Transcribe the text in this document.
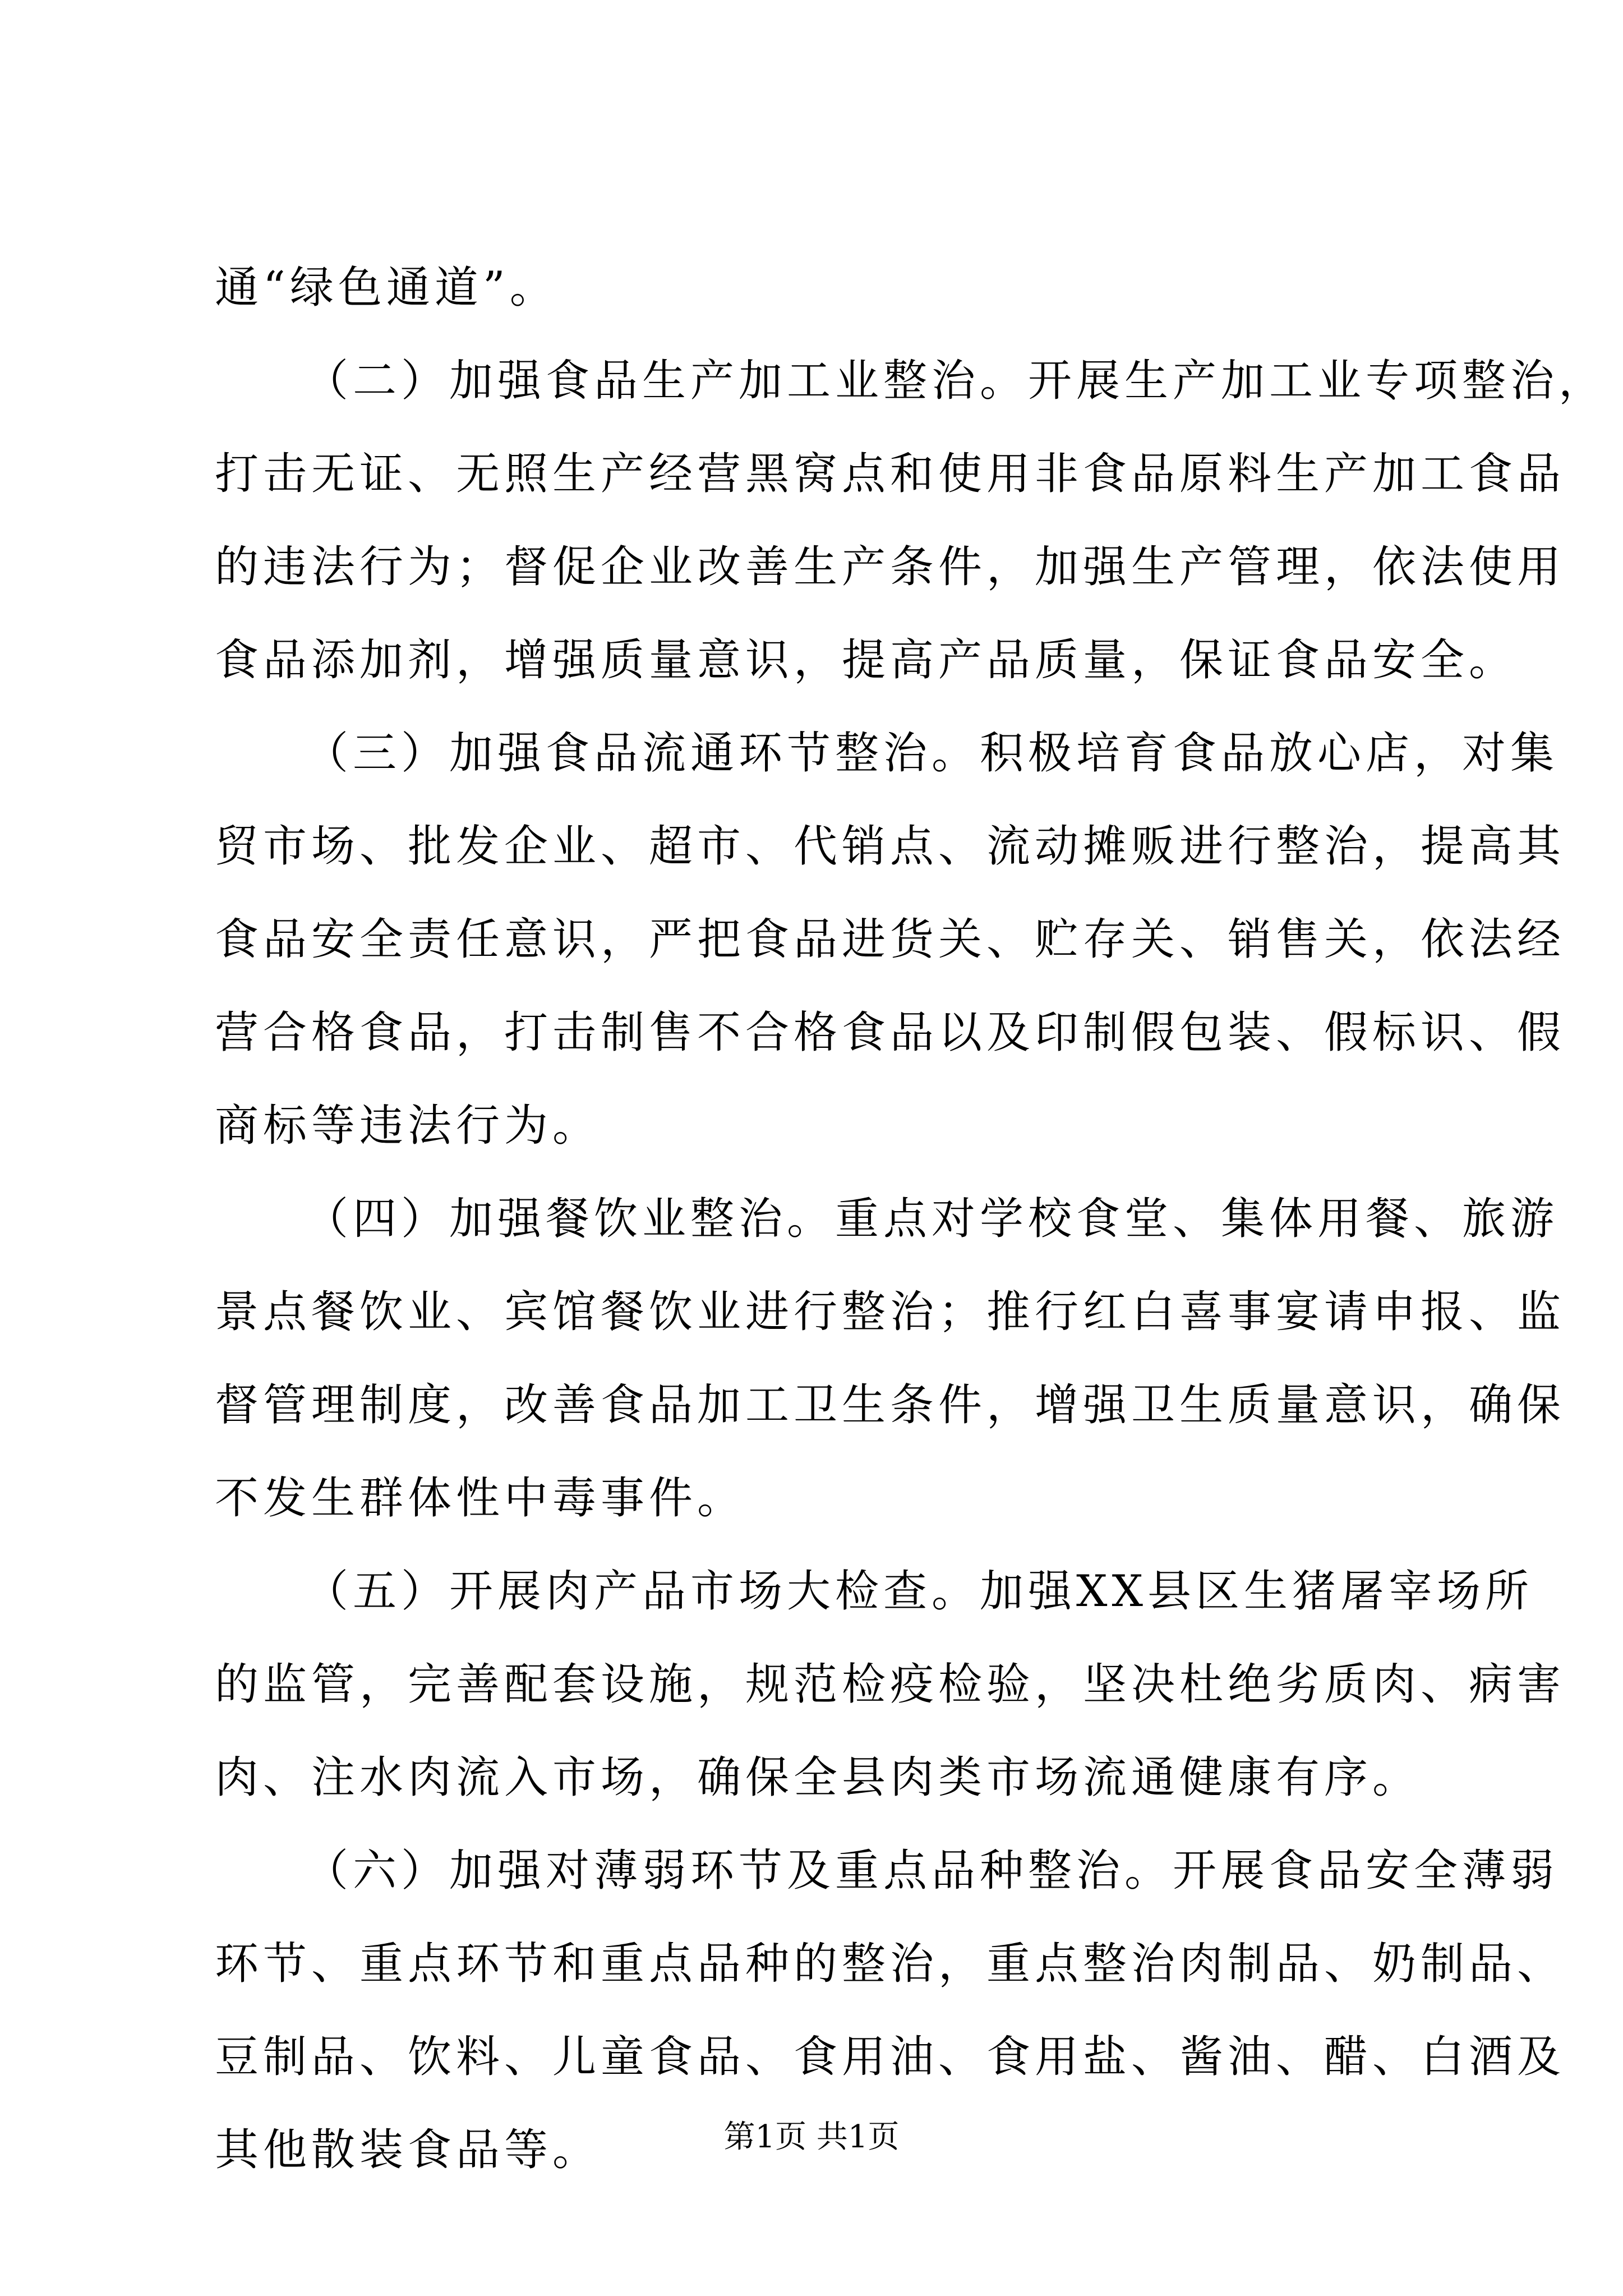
通“绿色通道”。
（二）加强食品生产加工业整治。开展生产加工业专项整治，
打击无证、无照生产经营黑窝点和使用非食品原料生产加工食品
的违法行为；督促企业改善生产条件，加强生产管理，依法使用
食品添加剂，增强质量意识，提高产品质量，保证食品安全。
（三）加强食品流通环节整治。积极培育食品放心店，对集
贸市场、批发企业、超市、代销点、流动摊贩进行整治，提高其
食品安全责任意识，严把食品进货关、贮存关、销售关，依法经
营合格食品，打击制售不合格食品以及印制假包装、假标识、假
商标等违法行为。
（四）加强餐饮业整治。重点对学校食堂、集体用餐、旅游
景点餐饮业、宾馆餐饮业进行整治；推行红白喜事宴请申报、监
督管理制度，改善食品加工卫生条件，增强卫生质量意识，确保
不发生群体性中毒事件。
（五）开展肉产品市场大检查。加强XX县区生猪屠宰场所
的监管，完善配套设施，规范检疫检验，坚决杜绝劣质肉、病害
肉、注水肉流入市场，确保全县肉类市场流通健康有序。
（六）加强对薄弱环节及重点品种整治。开展食品安全薄弱
环节、重点环节和重点品种的整治，重点整治肉制品、奶制品、
豆制品、饮料、儿童食品、食用油、食用盐、酱油、醋、白酒及
其他散装食品等。	第1页 共1页
